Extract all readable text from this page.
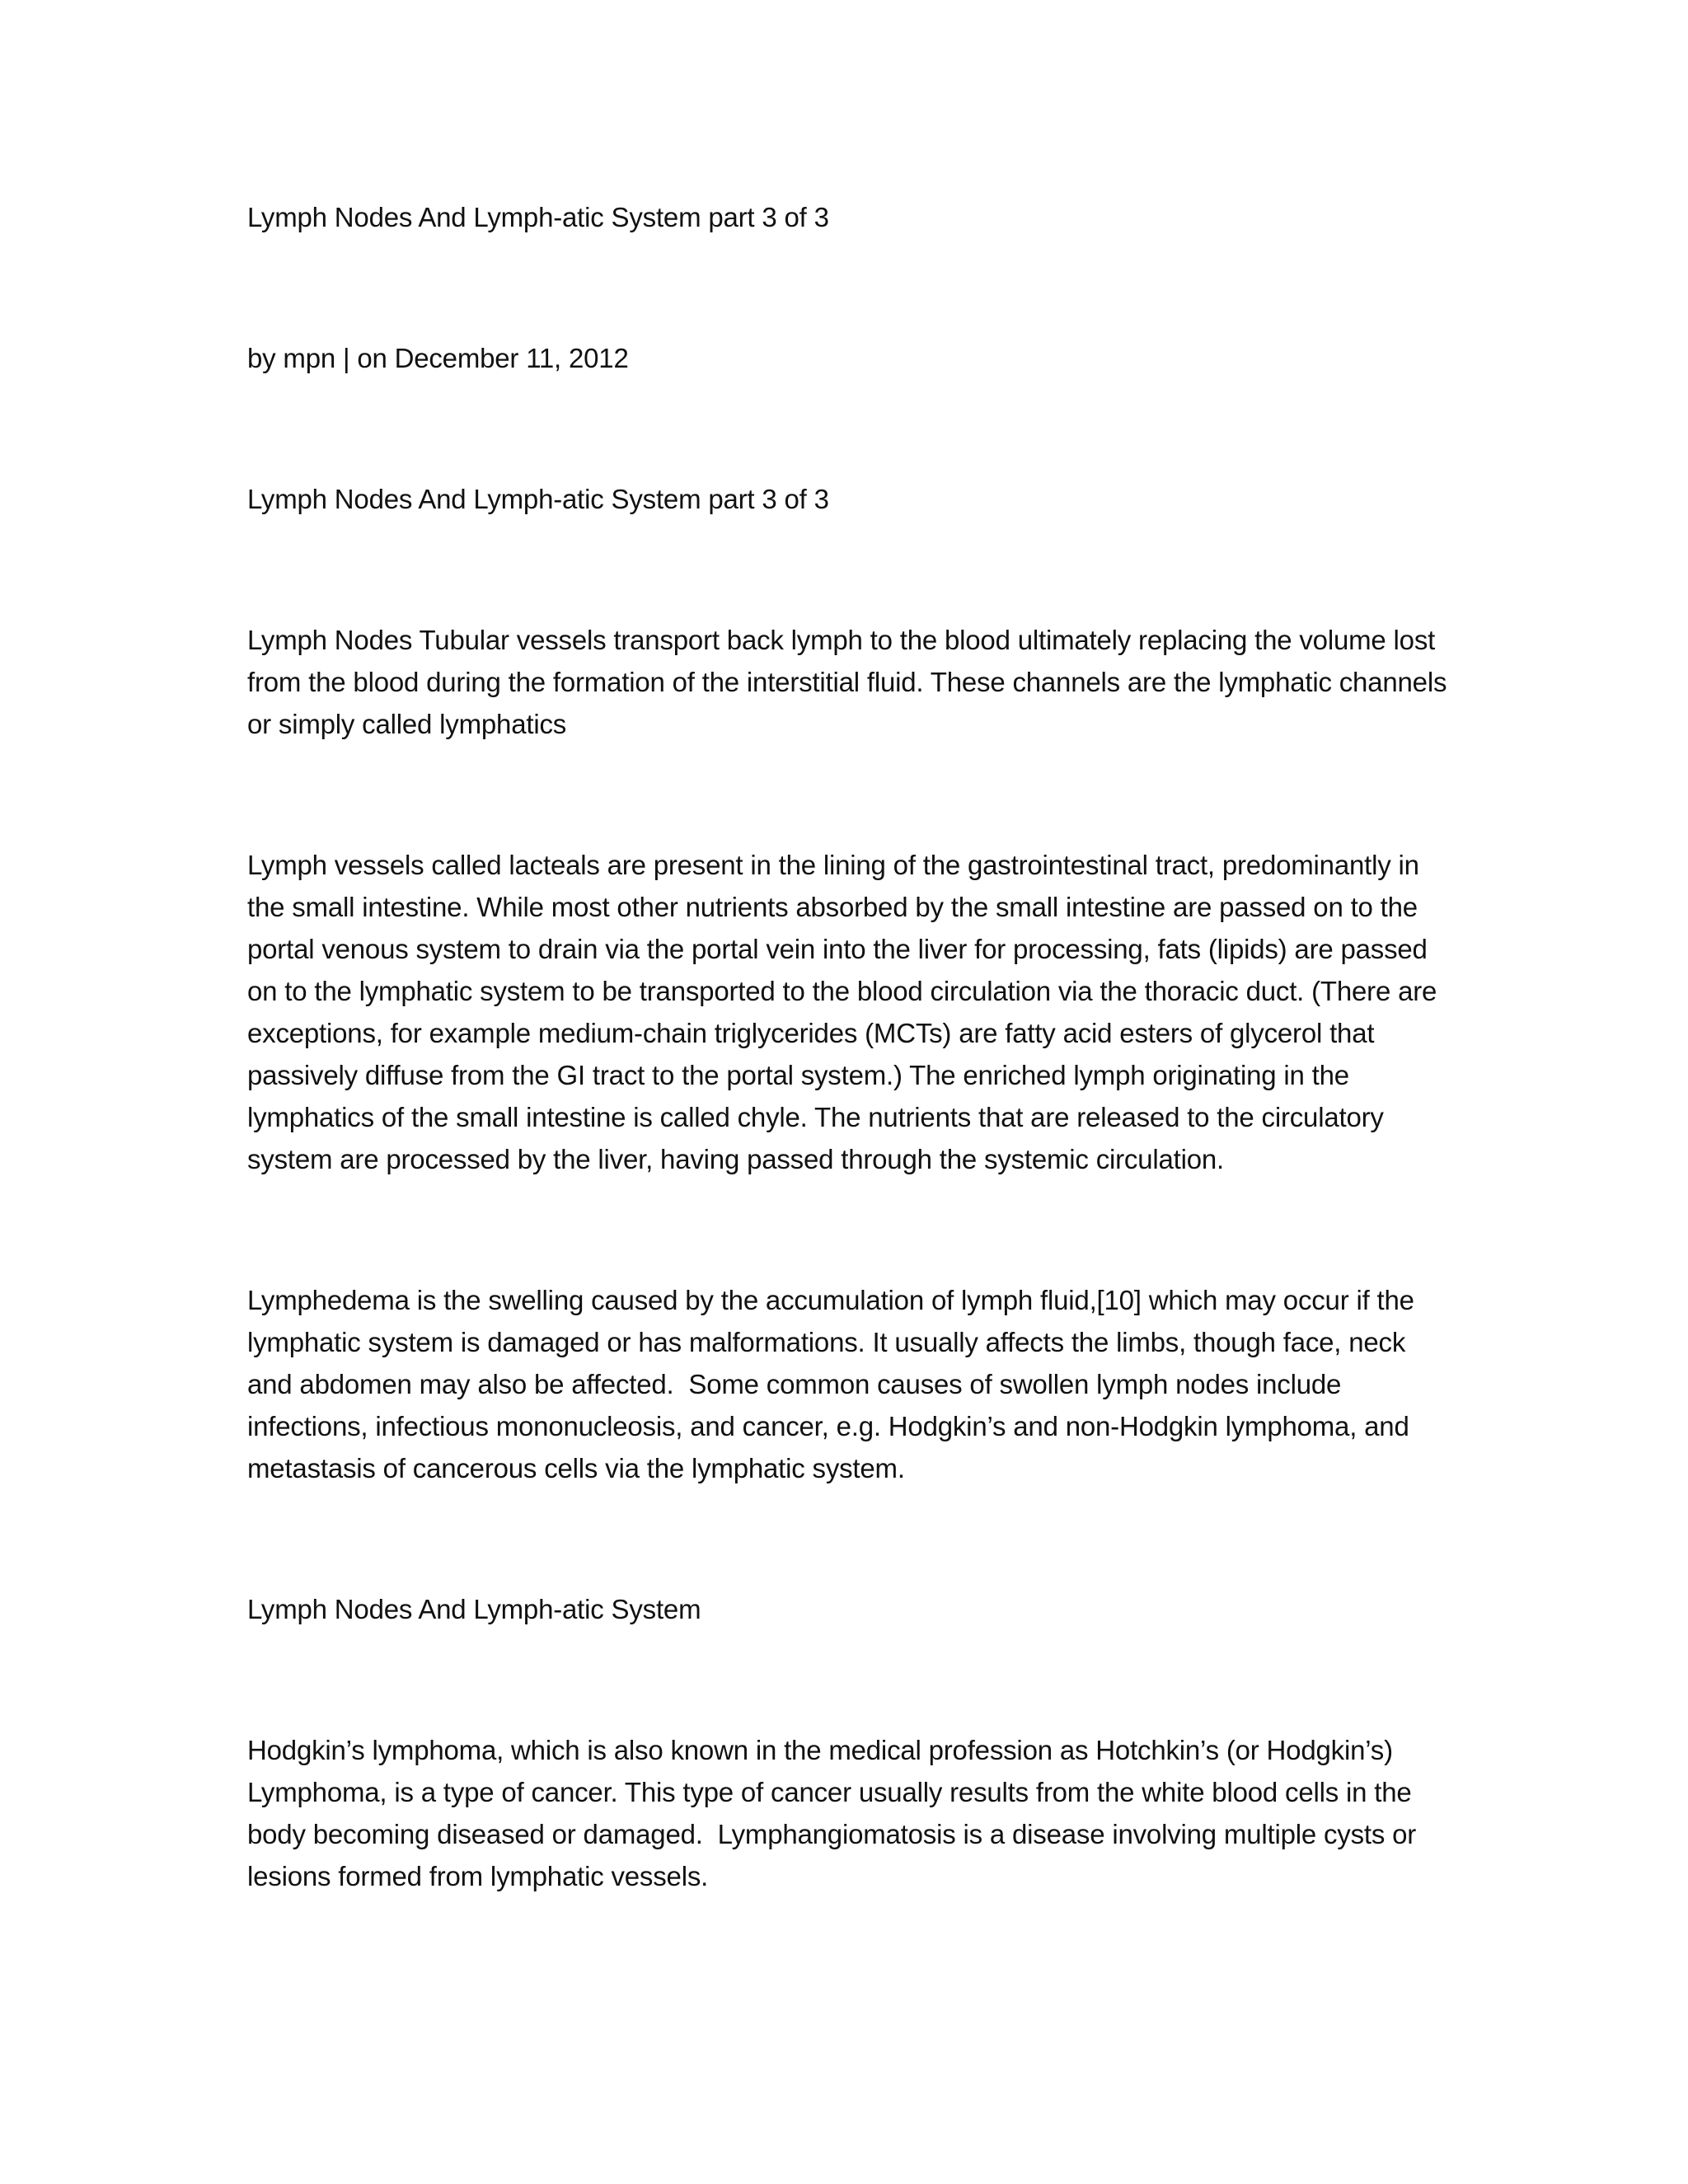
Lymph Nodes And Lymph-atic System part 3 of 3

by mpn | on December 11, 2012

Lymph Nodes And Lymph-atic System part 3 of 3

Lymph Nodes Tubular vessels transport back lymph to the blood ultimately replacing the volume lost from the blood during the formation of the interstitial fluid. These channels are the lymphatic channels or simply called lymphatics

Lymph vessels called lacteals are present in the lining of the gastrointestinal tract, predominantly in the small intestine. While most other nutrients absorbed by the small intestine are passed on to the portal venous system to drain via the portal vein into the liver for processing, fats (lipids) are passed on to the lymphatic system to be transported to the blood circulation via the thoracic duct. (There are exceptions, for example medium-chain triglycerides (MCTs) are fatty acid esters of glycerol that passively diffuse from the GI tract to the portal system.) The enriched lymph originating in the lymphatics of the small intestine is called chyle. The nutrients that are released to the circulatory system are processed by the liver, having passed through the systemic circulation.

Lymphedema is the swelling caused by the accumulation of lymph fluid,[10] which may occur if the lymphatic system is damaged or has malformations. It usually affects the limbs, though face, neck and abdomen may also be affected.  Some common causes of swollen lymph nodes include infections, infectious mononucleosis, and cancer, e.g. Hodgkin’s and non-Hodgkin lymphoma, and metastasis of cancerous cells via the lymphatic system.

Lymph Nodes And Lymph-atic System

Hodgkin’s lymphoma, which is also known in the medical profession as Hotchkin’s (or Hodgkin’s) Lymphoma, is a type of cancer. This type of cancer usually results from the white blood cells in the body becoming diseased or damaged.  Lymphangiomatosis is a disease involving multiple cysts or lesions formed from lymphatic vessels.
